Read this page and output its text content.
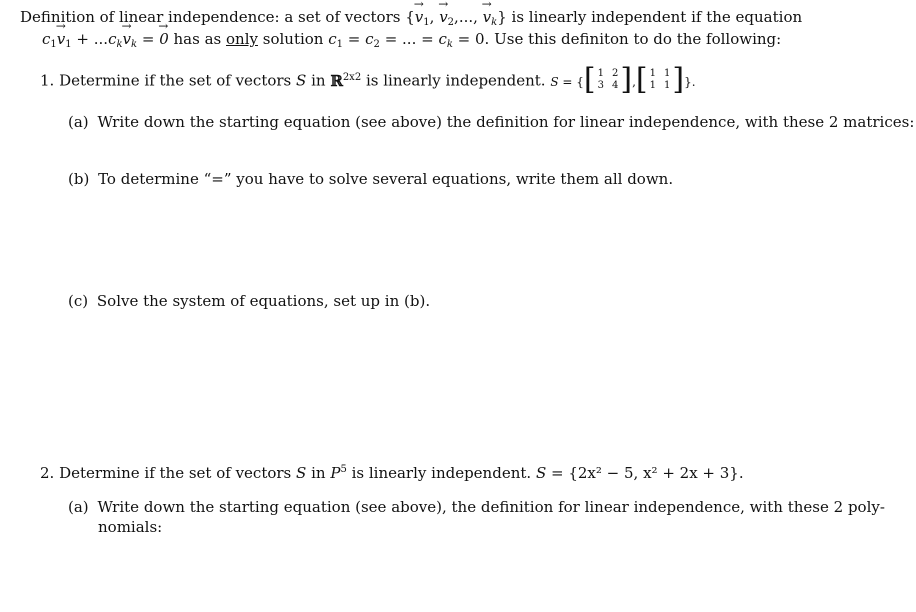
Definition of linear independence: a set of vectors {→ $v_1$, → $v_2$,..., → $v_k$} is linearly independent if the equation
$c_1\to v_1 + ...c_k\to v_k$ = → 0 has as only solution $c_1 = c_2$ = ... = $c_k = 0$. Use this definiton to do the following:
1. Determine if the set of vectors S in ℝ$^{2x2}$ is linearly independent. S = { [ 1 2
3 4 ] , [ 1 1
1 1 ] }.
(a) Write down the starting equation (see above) the definition for linear independence, with these 2 matrices:
(b) To determine “=” you have to solve several equations, write them all down.
(c) Solve the system of equations, set up in (b).
2. Determine if the set of vectors S in $P^5$ is linearly independent. S = {2x² − 5, x² + 2x + 3}.
(a) Write down the starting equation (see above), the definition for linear independence, with these 2 poly-
nomials:
